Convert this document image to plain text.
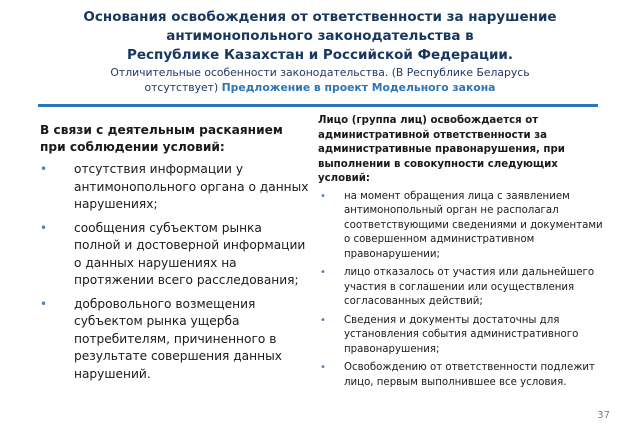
Основания освобождения от ответственности за нарушение
антимонопольного законодательства в
Республике Казахстан и Российской Федерации.
Отличительные особенности законодательства. (В Республике Беларусь
отсутствует) Предложение в проект Модельного закона
В связи с деятельным раскаянием при соблюдении условий:
• отсутствия информации у антимонопольного органа о данных нарушениях;
• сообщения субъектом рынка полной и достоверной информации о данных нарушениях на протяжении всего расследования;
• добровольного возмещения субъектом рынка ущерба потребителям, причиненного в результате совершения данных нарушений.
Лицо (группа лиц) освобождается от административной ответственности за административные правонарушения, при выполнении в совокупности следующих условий:
• на момент обращения лица с заявлением антимонопольный орган не располагал соответствующими сведениями и документами о совершенном административном правонарушении;
• лицо отказалось от участия или дальнейшего участия в соглашении или осуществления согласованных действий;
• Сведения и документы достаточны для установления события административного правонарушения;
• Освобождению от ответственности подлежит лицо, первым выполнившее все условия.
37
